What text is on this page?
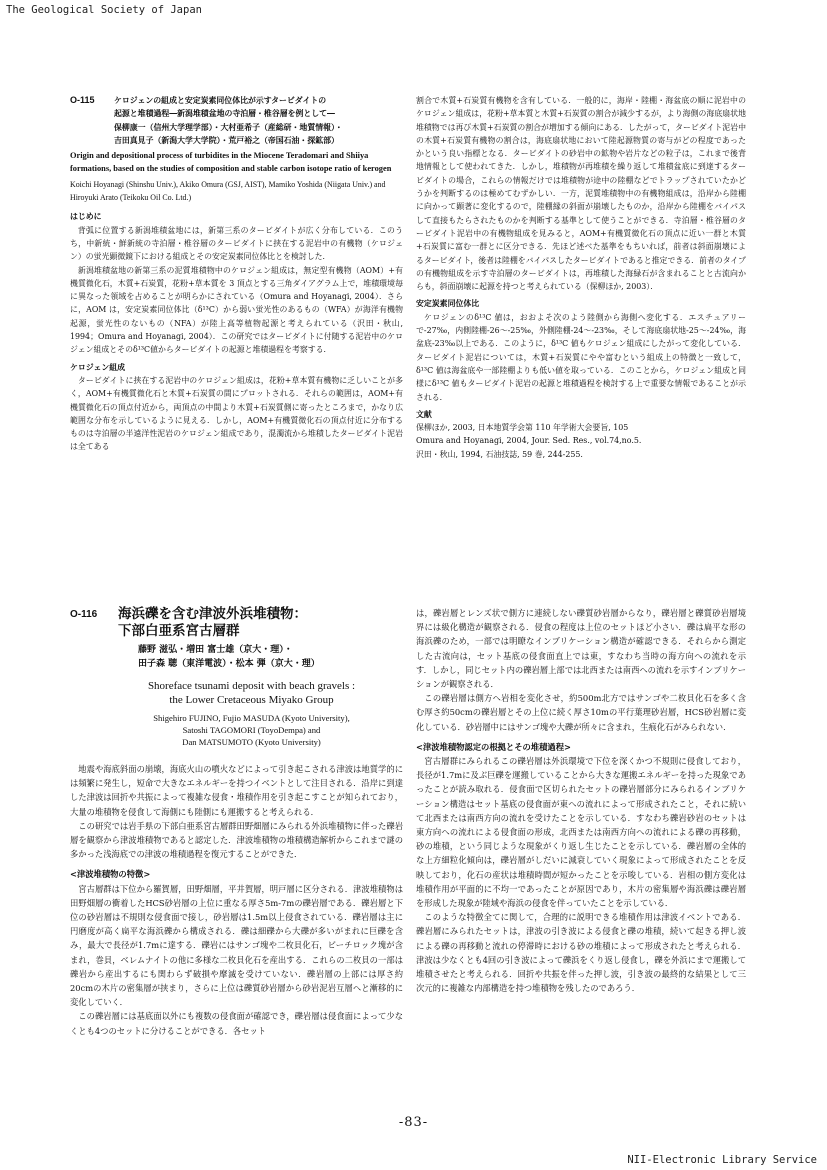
The Geological Society of Japan
O-115	ケロジェンの組成と安定炭素同位体比が示すタービダイトの
起源と堆積過程―新潟堆積盆地の寺泊層・椎谷層を例として―
保柳康一（信州大学理学部）・大村亜希子（産総研・地質情報）・
吉田真見子（新潟大学大学院）・荒戸裕之（帝国石油・探鉱部）
Origin and depositional process of turbidites in the Miocene Teradomari and Shiiya formations, based on the studies of composition and stable carbon isotope ratio of kerogen
Koichi Hoyanagi (Shinshu Univ.), Akiko Omura (GSJ, AIST), Mamiko Yoshida (Niigata Univ.) and Hiroyuki Arato (Teikoku Oil Co. Ltd.)
はじめに

背弧に位置する新潟堆積盆地には，新第三系のタービダイトが広く分布している．このうち，中新統・鮮新統の寺泊層・椎谷層のタービダイトに挟在する泥岩中の有機物（ケロジェン）の蛍光顕微鏡下における組成とその安定炭素同位体比とを検討した．

新潟堆積盆地の新第三系の泥質堆積物中のケロジェン組成は，無定型有機物（AOM）+有機質微化石，木質+石炭質，花粉+草本質を 3 頂点とする三角ダイアグラム上で，堆積環境毎に異なった領域を占めることが明らかにされている（Omura and Hoyanagi, 2004）．さらに，AOM は，安定炭素同位体比（δ¹³C）から弱い蛍光性のあるもの（WFA）が海洋有機物起源，蛍光性のないもの（NFA）が陸上高等植物起源と考えられている（沢田・秋山, 1994；Omura and Hoyanagi, 2004）．この研究ではタービダイトに付随する泥岩中のケロジェン組成とそのδ¹³C値からタービダイトの起源と堆積過程を考察する．

ケロジェン組成

タービダイトに挟在する泥岩中のケロジェン組成は，花粉+草本質有機物に乏しいことが多く，AOM+有機質微化石と木質+石炭質の間にプロットされる．それらの範囲は，AOM+有機質微化石の頂点付近から，両頂点の中間より木質+石炭質側に寄ったところまで，かなり広範囲な分布を示しているように見える．しかし，AOM+有機質微化石の頂点付近に分布するものは寺泊層の半遠洋性泥岩のケロジェン組成であり，混濁流から堆積したタービダイト泥岩は全てある

割合で木質+石炭質有機物を含有している．一般的に，海岸・陸棚・海盆底の順に泥岩中のケロジェン組成は，花粉+草本質と木質+石炭質の割合が減少するが，より海側の海底扇状地堆積物では再び木質+石炭質の割合が増加する傾向にある．したがって，タービダイト泥岩中の木質+石炭質有機物の割合は，海底扇状地において陸起源物質の寄与がどの程度であったかという良い指標となる．タービダイトの砂岩中の鉱物や岩片などの粒子は，これまで後背地情報として使われてきた．しかし，堆積物が再堆積を繰り返して堆積盆底に到達するタービダイトの場合，これらの情報だけでは堆積物が途中の陸棚などでトラップされていたかどうかを判断するのは極めてむずかしい．一方，泥質堆積物中の有機物組成は，沿岸から陸棚に向かって顕著に変化するので，陸棚縁の斜面が崩壊したものか，沿岸から陸棚をバイパスして直接もたらされたものかを判断する基準として使うことができる．寺泊層・椎谷層のタービダイト泥岩中の有機物組成を見みると，AOM+有機質微化石の頂点に近い一群と木質+石炭質に富む一群とに区分できる．先ほど述べた基準をもちいれば，前者は斜面崩壊によるタービダイト，後者は陸棚をバイパスしたタービダイトであると推定できる．前者のタイプの有機物組成を示す寺泊層のタービダイトは，再堆積した海緑石が含まれることと古流向からも，斜面崩壊に起源を持つと考えられている（保柳ほか, 2003）．

安定炭素同位体比

ケロジェンのδ¹³C 値は，おおよそ次のよう陸側から海側へ変化する．エスチュアリーで-27‰，内側陸棚-26～-25‰，外側陸棚-24～-23‰，そして海底扇状地-25～-24‰，海盆底-23‰以上である．このように，δ¹³C 値もケロジェン組成にしたがって変化している．タービダイト泥岩については，木質+石炭質にやや富むという組成上の特徴と一致して，δ¹³C 値は海盆底や一部陸棚よりも低い値を取っている．このことから，ケロジェン組成と同様にδ¹³C 値もタービダイト泥岩の起源と堆積過程を検討する上で重要な情報であることが示される．

文献

保柳ほか, 2003, 日本地質学会第 110 年学術大会要旨, 105

Omura and Hoyanagi, 2004, Jour. Sed. Res., vol.74,no.5.

沢田・秋山, 1994, 石油技誌, 59 巻, 244-255.

O-116	海浜礫を含む津波外浜堆積物：
下部白亜系宮古層群
藤野 滋弘・増田 富士雄（京大・理）・
田子森 聴（東洋電波）・松本 弾（京大・理）
Shoreface tsunami deposit with beach gravels :
the Lower Cretaceous Miyako Group
Shigehiro FUJINO, Fujio MASUDA (Kyoto University),
Satoshi TAGOMORI (ToyoDempa) and
Dan MATSUMOTO (Kyoto University)

地震や海底斜面の崩壊，海底火山の噴火などによって引き起こされる津波は地質学的には頻繁に発生し，短命で大きなエネルギーを持つイベントとして注目される．沿岸に到達した津波は回折や共振によって複雑な侵食・堆積作用を引き起こすことが知られており，大量の堆積物を侵食して海側にも陸側にも運搬すると考えられる．

この研究では岩手県の下部白亜系宮古層群田野畑層にみられる外浜堆積物に伴った礫岩層を観察から津波堆積物であると認定した．津波堆積物の堆積構造解析からこれまで謎の多かった浅海底での津波の堆積過程を復元することができた．

<津波堆積物の特徴>

宮古層群は下位から羅賀層，田野畑層，平井賀層，明戸層に区分される．津波堆積物は田野畑層の衝着したHCS砂岩層の上位に重なる厚さ5m-7mの礫岩層である．礫岩層と下位の砂岩層は不規則な侵食面で接し，砂岩層は1.5m以上侵食されている．礫岩層は主に円磨度が高く扁平な海浜礫から構成される．礫は細礫から大礫が多いがまれに巨礫を含み，最大で長径が1.7mに達する．礫岩にはサンゴ塊や二枚貝化石，ビーチロック塊が含まれ，巻貝，ベレムナイトの他に多様な二枚貝化石を産出する．これらの二枚貝の一部は礫岩から産出するにも関わらず破損や摩滅を受けていない．礫岩層の上部には厚さ約20cmの木片の密集層が挟まり，さらに上位は礫質砂岩層から砂岩泥岩互層へと漸移的に変化していく．

この礫岩層には基底面以外にも複数の侵食面が確認でき，礫岩層は侵食面によって少なくとも4つのセットに分けることができる．各セット

は，礫岩層とレンズ状で側方に連続しない礫質砂岩層からなり，礫岩層と礫質砂岩層境界には級化構造が観察される．侵食の程度は上位のセットほど小さい．礫は扁平な形の海浜礫のため，一部では明瞭なインブリケーション構造が確認できる．それらから測定した古流向は，セット基底の侵食面直上では東，すなわち当時の海方向への流れを示す．しかし，同じセット内の礫岩層上部では北西または南西への流れを示すインブリケーションが観察される．

この礫岩層は側方へ岩相を変化させ，約500m北方ではサンゴや二枚貝化石を多く含む厚さ約50cmの礫岩層とその上位に続く厚さ10mの平行葉理砂岩層，HCS砂岩層に変化している．砂岩層中にはサンゴ塊や大礫が所々に含まれ，生痕化石がみられない．

<津波堆積物認定の根拠とその堆積過程>

宮古層群にみられるこの礫岩層は外浜環境で下位を深くかつ不規則に侵食しており，長径が1.7mに及ぶ巨礫を運搬していることから大きな運搬エネルギーを持った現象であったことが読み取れる．侵食面で区切られたセットの礫岩層部分にみられるインブリケーション構造はセット基底の侵食面が東への流れによって形成されたこと，それに続いて北西または南西方向の流れを受けたことを示している．すなわち礫岩砂岩のセットは東方向への流れによる侵食面の形成，北西または南西方向への流れによる礫の再移動，砂の堆積，という同じような現象がくり返し生じたことを示している．礫岩層の全体的な上方細粒化傾向は，礫岩層がしだいに減衰していく現象によって形成されたことを反映しており，化石の産状は堆積時間が短かったことを示唆している．岩相の側方変化は堆積作用が平面的に不均一であったことが原因であり，木片の密集層や海浜礫は礫岩層を形成した現象が陸域や海浜の侵食を伴っていたことを示している．

このような特徴全てに関して，合理的に説明できる堆積作用は津波イベントである．礫岩層にみられたセットは，津波の引き波による侵食と礫の堆積，続いて起きる押し波による礫の再移動と流れの停滞時における砂の堆積によって形成されたと考えられる．津波は少なくとも4回の引き波によって礫浜をくり返し侵食し，礫を外浜にまで運搬して堆積させたと考えられる．回折や共振を伴った押し波，引き波の最終的な結果として三次元的に複雑な内部構造を持つ堆積物を残したのであろう．

-83-
NII-Electronic Library Service
